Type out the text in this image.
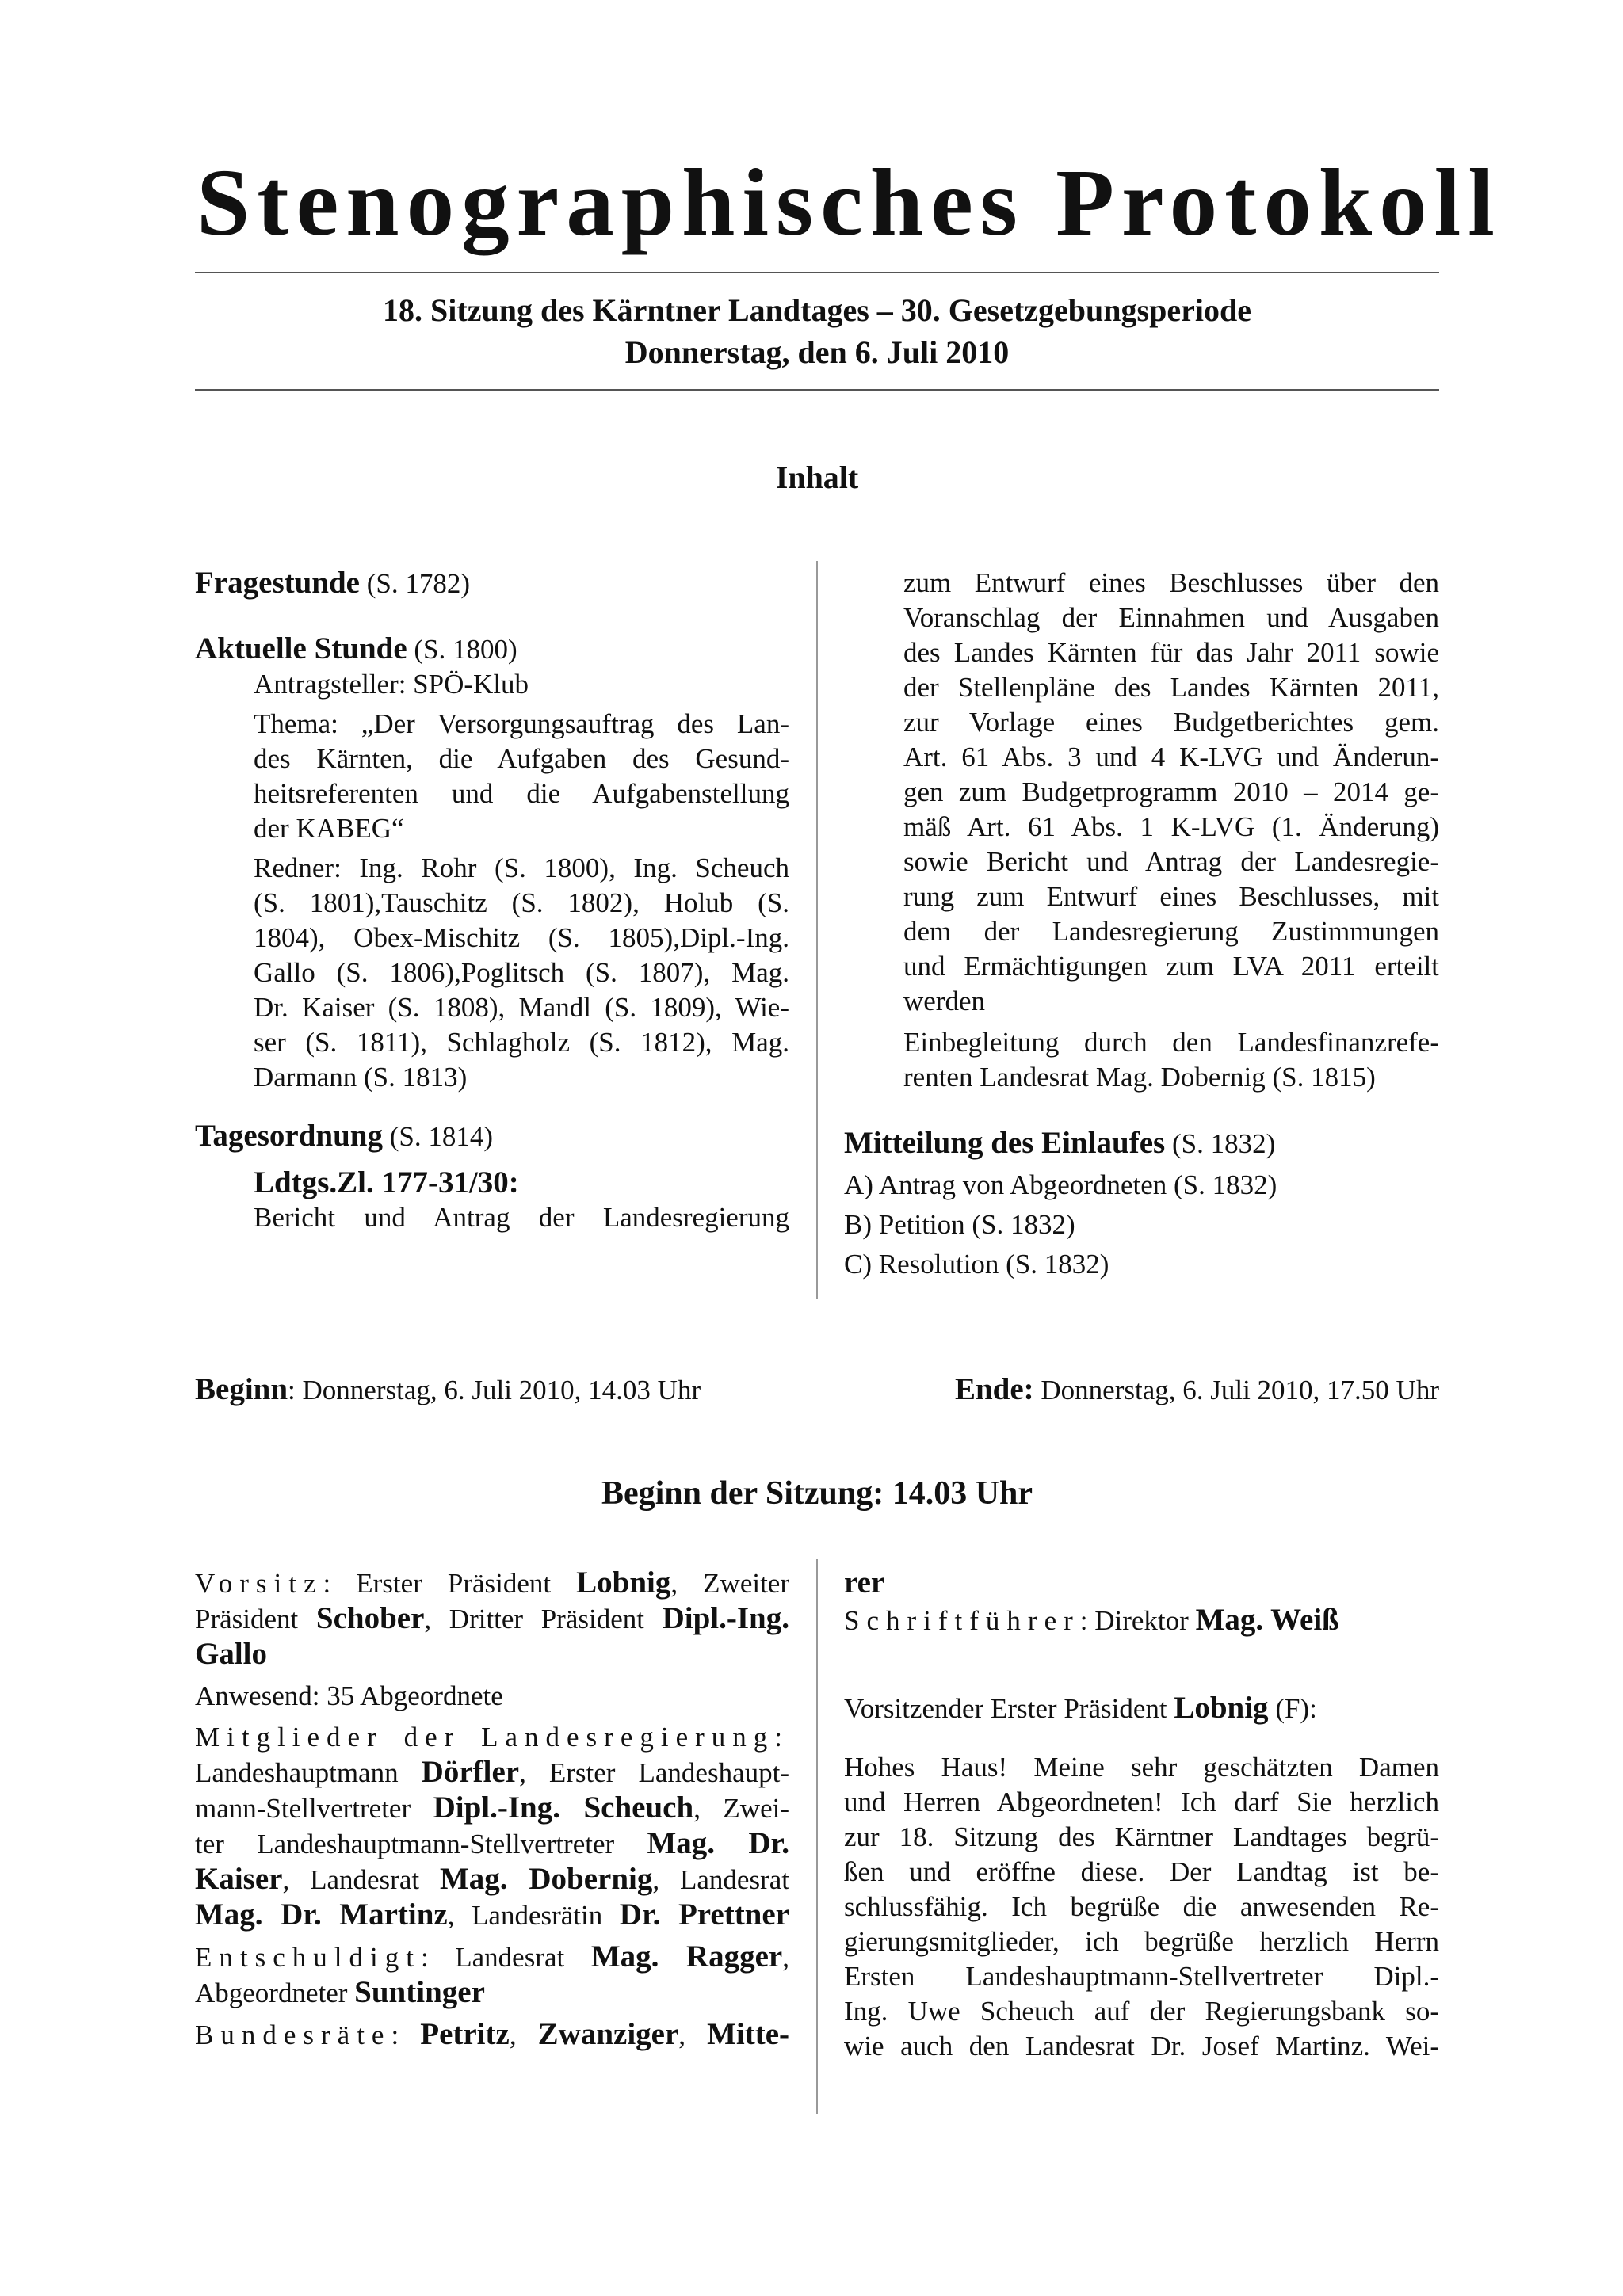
Stenographisches Protokoll
18. Sitzung des Kärntner Landtages – 30. Gesetzgebungsperiode
Donnerstag, den 6. Juli 2010
Inhalt

Fragestunde (S. 1782)

Aktuelle Stunde (S. 1800)

Antragsteller: SPÖ-Klub

Thema: „Der Versorgungsauftrag des Lan-
des Kärnten, die Aufgaben des Gesund-
heitsreferenten und die Aufgabenstellung
der KABEG“
Redner: Ing. Rohr (S. 1800), Ing. Scheuch
(S. 1801),Tauschitz (S. 1802), Holub (S.
1804), Obex-Mischitz (S. 1805),Dipl.-Ing.
Gallo (S. 1806),Poglitsch (S. 1807), Mag.
Dr. Kaiser (S. 1808), Mandl (S. 1809), Wie-
ser (S. 1811), Schlagholz (S. 1812), Mag.
Darmann (S. 1813)

Tagesordnung (S. 1814)

Ldtgs.Zl. 177-31/30:
Bericht und Antrag der Landesregierung
zum Entwurf eines Beschlusses über den
Voranschlag der Einnahmen und Ausgaben
des Landes Kärnten für das Jahr 2011 sowie
der Stellenpläne des Landes Kärnten 2011,
zur Vorlage eines Budgetberichtes gem.
Art. 61 Abs. 3 und 4 K-LVG und Änderun-
gen zum Budgetprogramm 2010 – 2014 ge-
mäß Art. 61 Abs. 1 K-LVG (1. Änderung)
sowie Bericht und Antrag der Landesregie-
rung zum Entwurf eines Beschlusses, mit
dem der Landesregierung Zustimmungen
und Ermächtigungen zum LVA 2011 erteilt
werden
Einbegleitung durch den Landesfinanzrefe-
renten Landesrat Mag. Dobernig (S. 1815)

Mitteilung des Einlaufes (S. 1832)

A) Antrag von Abgeordneten (S. 1832)
B) Petition (S. 1832)
C) Resolution (S. 1832)
Beginn: Donnerstag, 6. Juli 2010, 14.03 Uhr	Ende: Donnerstag, 6. Juli 2010, 17.50 Uhr
Beginn der Sitzung: 14.03 Uhr
Vorsitz: Erster Präsident Lobnig, Zweiter
Präsident Schober, Dritter Präsident Dipl.-Ing.
Gallo
Anwesend: 35 Abgeordnete
Mitglieder der Landesregierung:
Landeshauptmann Dörfler, Erster Landeshaupt-
mann-Stellvertreter Dipl.-Ing. Scheuch, Zwei-
ter Landeshauptmann-Stellvertreter Mag. Dr.
Kaiser, Landesrat Mag. Dobernig, Landesrat
Mag. Dr. Martinz, Landesrätin Dr. Prettner
Entschuldigt: Landesrat Mag. Ragger,
Abgeordneter Suntinger
Bundesräte: Petritz, Zwanziger, Mitte-
rer
Schriftführer: Direktor Mag. Weiß
Vorsitzender Erster Präsident Lobnig (F):
Hohes Haus! Meine sehr geschätzten Damen
und Herren Abgeordneten! Ich darf Sie herzlich
zur 18. Sitzung des Kärntner Landtages begrü-
ßen und eröffne diese. Der Landtag ist be-
schlussfähig. Ich begrüße die anwesenden Re-
gierungsmitglieder, ich begrüße herzlich Herrn
Ersten Landeshauptmann-Stellvertreter Dipl.-
Ing. Uwe Scheuch auf der Regierungsbank so-
wie auch den Landesrat Dr. Josef Martinz. Wei-
